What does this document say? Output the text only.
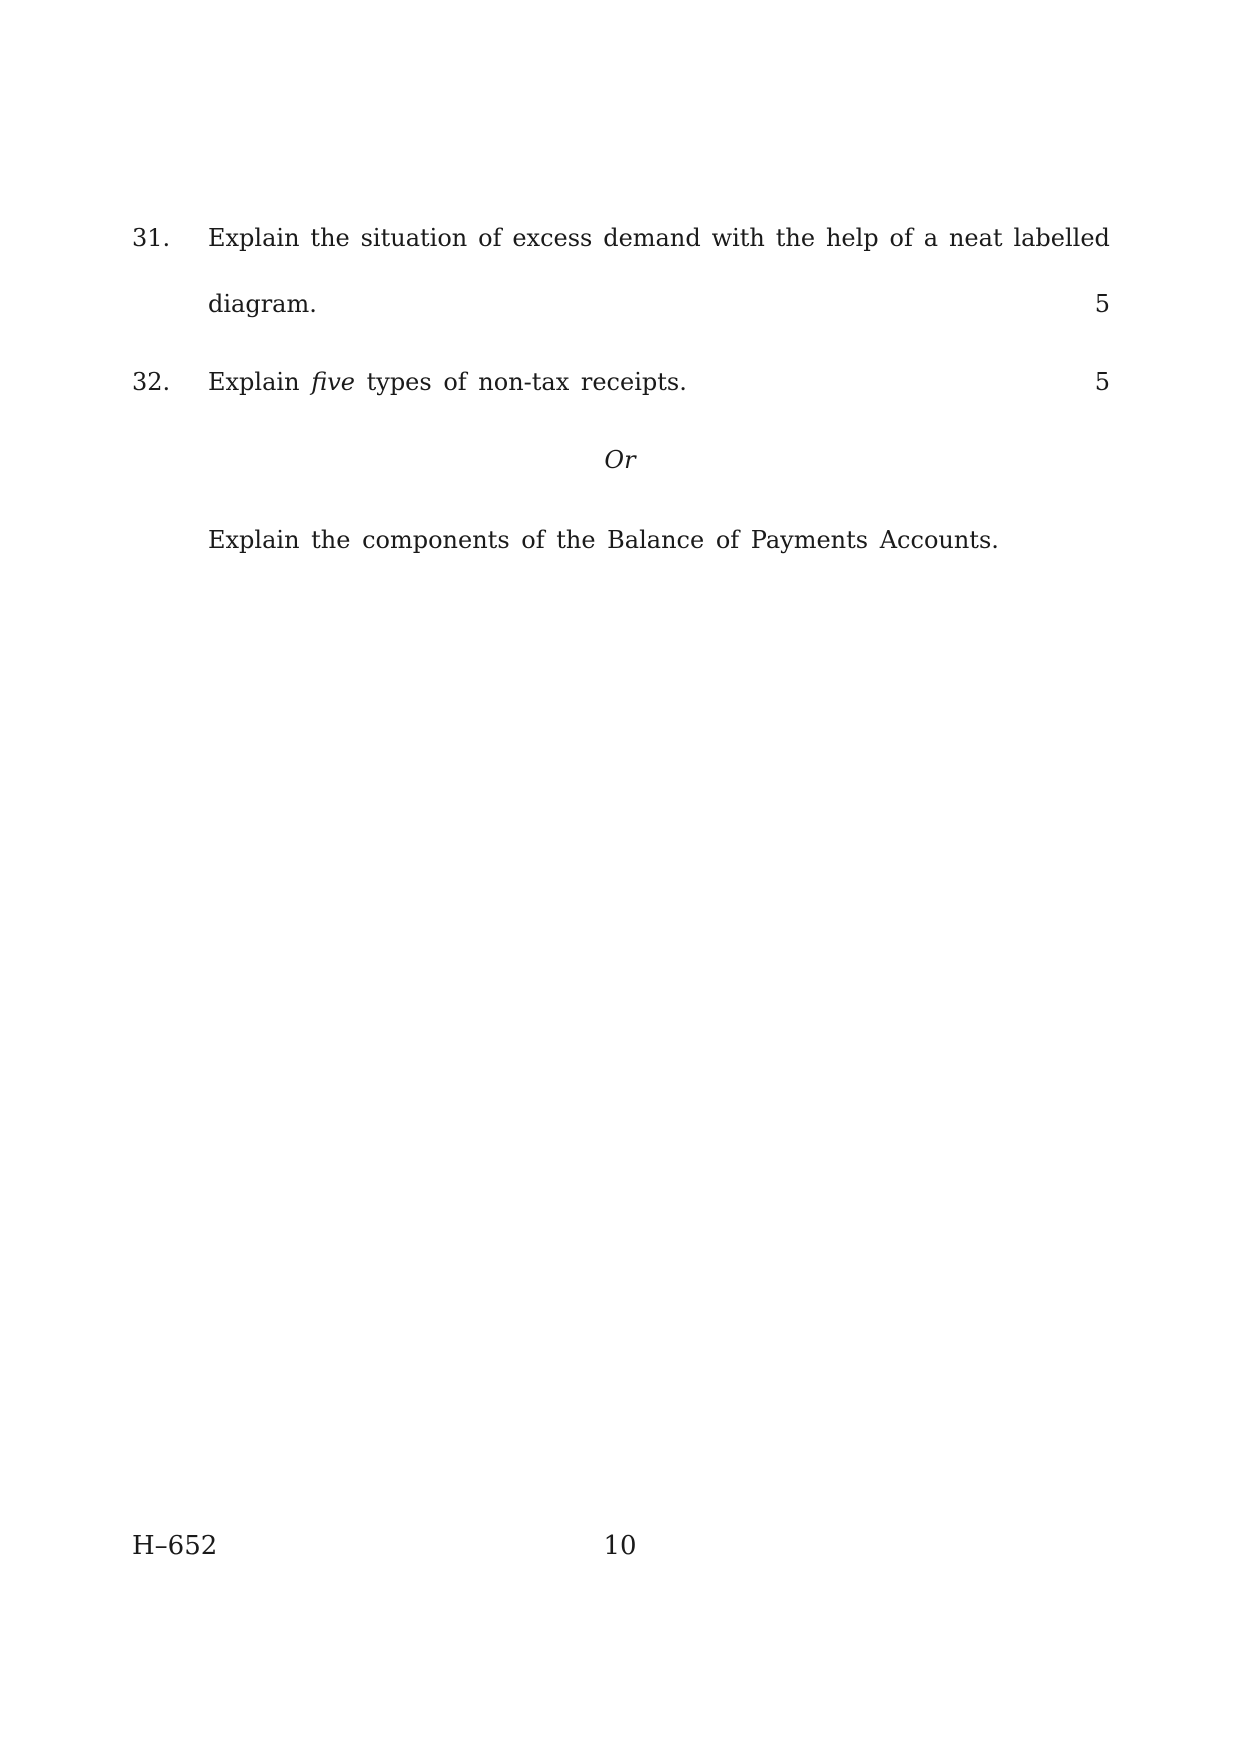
31. Explain the situation of excess demand with the help of a neat labelled
diagram.	5
32. Explain five types of non-tax receipts.	5
Or
Explain the components of the Balance of Payments Accounts.
H–652	10
